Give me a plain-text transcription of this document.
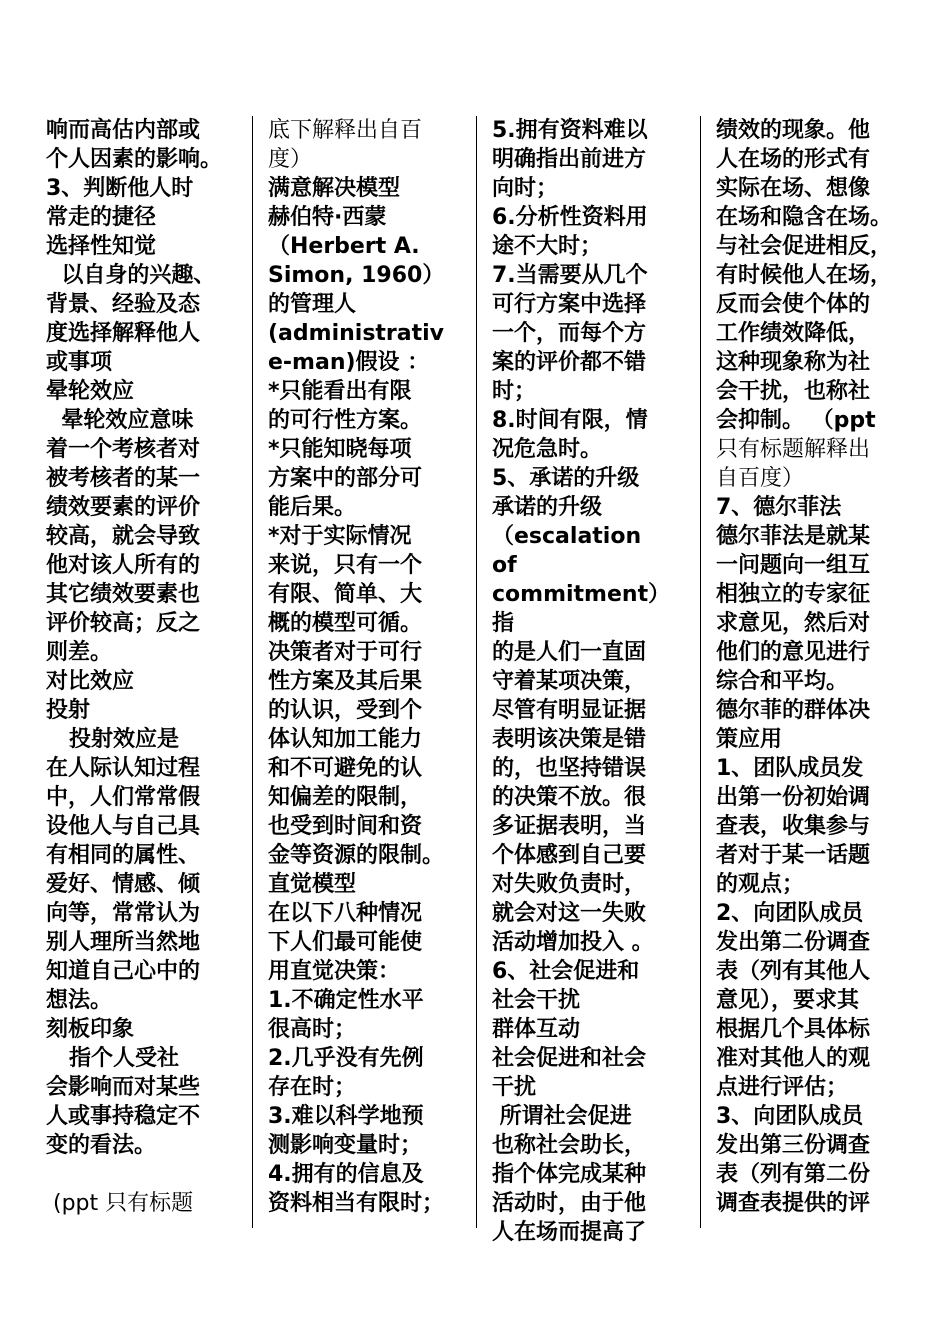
响而高估内部或
个人因素的影响。
3、判断他人时
常走的捷径
选择性知觉
以自身的兴趣、
背景、经验及态
度选择解释他人
或事项
晕轮效应
晕轮效应意味
着一个考核者对
被考核者的某一
绩效要素的评价
较高，就会导致
他对该人所有的
其它绩效要素也
评价较高；反之
则差。
对比效应
投射
投射效应是
在人际认知过程
中，人们常常假
设他人与自己具
有相同的属性、
爱好、情感、倾
向等，常常认为
别人理所当然地
知道自己心中的
想法。
刻板印象
指个人受社
会影响而对某些
人或事持稳定不
变的看法。
(ppt 只有标题
底下解释出自百
度）
满意解决模型
赫伯特·西蒙
（Herbert A.
Simon, 1960）
的管理人
(administrativ
e-man)假设 ：
*只能看出有限
的可行性方案。
*只能知晓每项
方案中的部分可
能后果。
*对于实际情况
来说，只有一个
有限、简单、大
概的模型可循。
决策者对于可行
性方案及其后果
的认识，受到个
体认知加工能力
和不可避免的认
知偏差的限制，
也受到时间和资
金等资源的限制。
直觉模型
在以下八种情况
下人们最可能使
用直觉决策：
1.不确定性水平
很高时；
2.几乎没有先例
存在时；
3.难以科学地预
测影响变量时；
4.拥有的信息及
资料相当有限时；
5.拥有资料难以
明确指出前进方
向时；
6.分析性资料用
途不大时；
7.当需要从几个
可行方案中选择
一个，而每个方
案的评价都不错
时；
8.时间有限，情
况危急时。
5、承诺的升级
承诺的升级
（escalation
of
commitment）指
的是人们一直固
守着某项决策，
尽管有明显证据
表明该决策是错
的，也坚持错误
的决策不放。很
多证据表明，当
个体感到自己要
对失败负责时，
就会对这一失败
活动增加投入 。
6、社会促进和
社会干扰
群体互动
社会促进和社会
干扰
所谓社会促进
也称社会助长，
指个体完成某种
活动时，由于他
人在场而提高了
绩效的现象。他
人在场的形式有
实际在场、想像
在场和隐含在场。
与社会促进相反，
有时候他人在场，
反而会使个体的
工作绩效降低，
这种现象称为社
会干扰，也称社
会抑制。 （ppt
只有标题解释出
自百度）
7、德尔菲法
德尔菲法是就某
一问题向一组互
相独立的专家征
求意见，然后对
他们的意见进行
综合和平均。
德尔菲的群体决
策应用
1、团队成员发
出第一份初始调
查表，收集参与
者对于某一话题
的观点；
2、向团队成员
发出第二份调查
表（列有其他人
意见），要求其
根据几个具体标
准对其他人的观
点进行评估；
3、向团队成员
发出第三份调查
表（列有第二份
调查表提供的评
